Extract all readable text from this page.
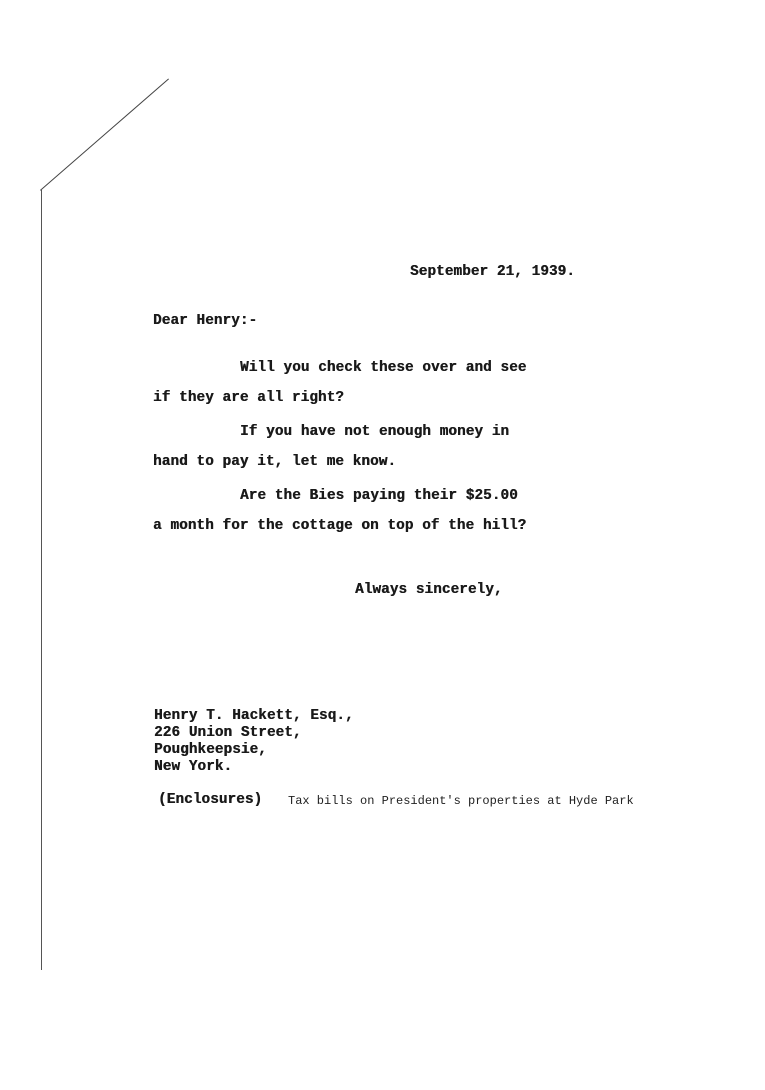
September 21, 1939.
Dear Henry:-
Will you check these over and see
if they are all right?
If you have not enough money in
hand to pay it, let me know.
Are the Bies paying their $25.00
a month for the cottage on top of the hill?
Always sincerely,
Henry T. Hackett, Esq.,
226 Union Street,
Poughkeepsie,
New York.
(Enclosures) Tax bills on President's properties at Hyde Park
